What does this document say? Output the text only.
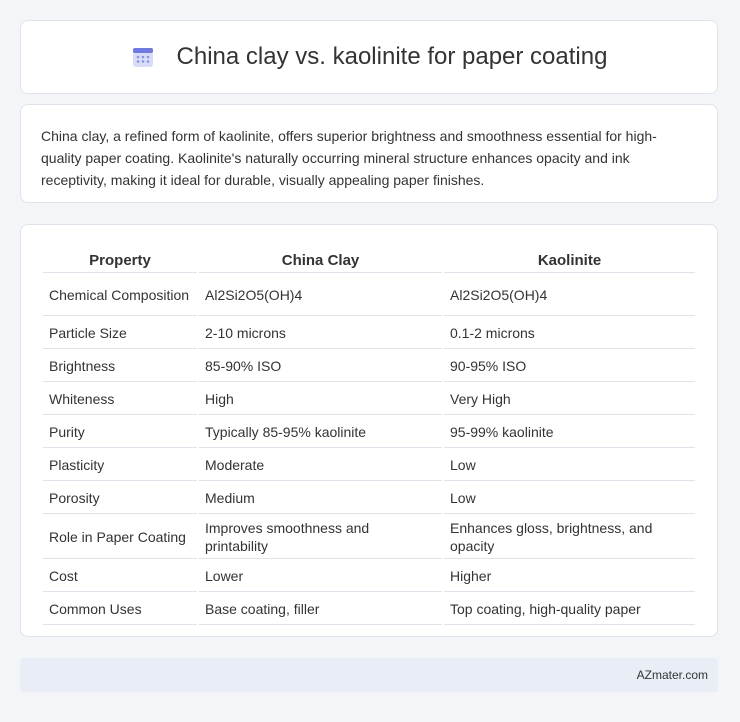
China clay vs. kaolinite for paper coating

China clay, a refined form of kaolinite, offers superior brightness and smoothness essential for high-quality paper coating. Kaolinite's naturally occurring mineral structure enhances opacity and ink receptivity, making it ideal for durable, visually appealing paper finishes.

Property	China Clay	Kaolinite
Chemical Composition	Al2Si2O5(OH)4	Al2Si2O5(OH)4
Particle Size	2-10 microns	0.1-2 microns
Brightness	85-90% ISO	90-95% ISO
Whiteness	High	Very High
Purity	Typically 85-95% kaolinite	95-99% kaolinite
Plasticity	Moderate	Low
Porosity	Medium	Low
Role in Paper Coating	Improves smoothness and printability	Enhances gloss, brightness, and opacity
Cost	Lower	Higher
Common Uses	Base coating, filler	Top coating, high-quality paper
AZmater.com
